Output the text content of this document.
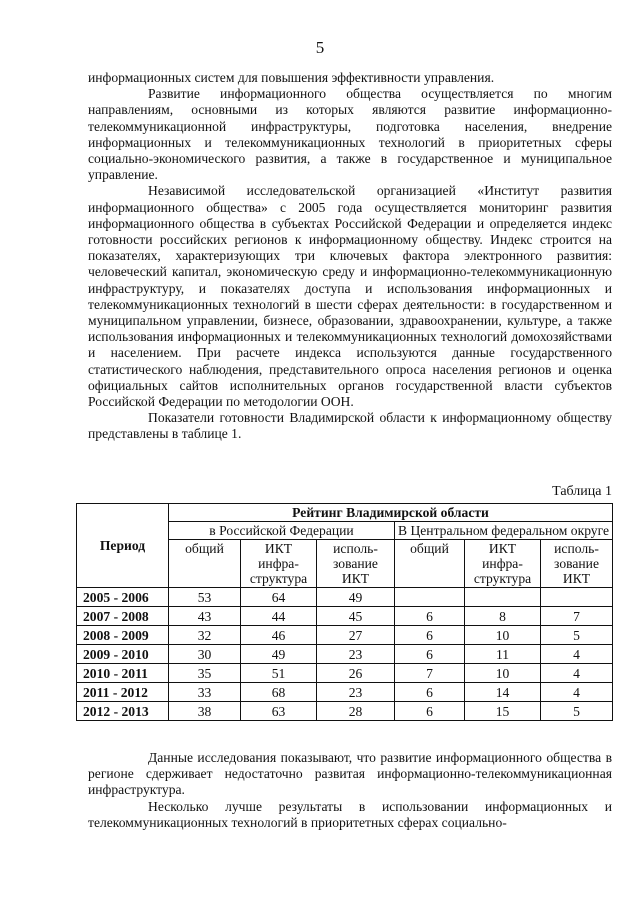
5

информационных систем для повышения эффективности управления.

Развитие информационного общества осуществляется по многим направлениям, основными из которых являются развитие информационно-телекоммуникационной инфраструктуры, подготовка населения, внедрение информационных и телекоммуникационных технологий в приоритетных сферы социально-экономического развития, а также в государственное и муниципальное управление.

Независимой исследовательской организацией «Институт развития информационного общества» с 2005 года осуществляется мониторинг развития информационного общества в субъектах Российской Федерации и определяется индекс готовности российских регионов к информационному обществу. Индекс строится на показателях, характеризующих три ключевых фактора электронного развития: человеческий капитал, экономическую среду и информационно-телекоммуникационную инфраструктуру, и показателях доступа и использования информационных и телекоммуникационных технологий в шести сферах деятельности: в государственном и муниципальном управлении, бизнесе, образовании, здравоохранении, культуре, а также использования информационных и телекоммуникационных технологий домохозяйствами и населением. При расчете индекса используются данные государственного статистического наблюдения, представительного опроса населения регионов и оценка официальных сайтов исполнительных органов государственной власти субъектов Российской Федерации по методологии ООН.

Показатели готовности Владимирской области к информационному обществу представлены в таблице 1.

Таблица 1
Период	Рейтинг Владимирской области					
	в Российской Федерации			В Центральном федеральном округе		
	общий	ИКТ инфра-структура	исполь-зование ИКТ	общий	ИКТ инфра-структура	исполь-зование ИКТ
2005 - 2006	53	64	49			
2007 - 2008	43	44	45	6	8	7
2008 - 2009	32	46	27	6	10	5
2009 - 2010	30	49	23	6	11	4
2010 - 2011	35	51	26	7	10	4
2011 - 2012	33	68	23	6	14	4
2012 - 2013	38	63	28	6	15	5

Данные исследования показывают, что развитие информационного общества в регионе сдерживает недостаточно развитая информационно-телекоммуникационная инфраструктура.

Несколько лучше результаты в использовании информационных и телекоммуникационных технологий в приоритетных сферах социально-
